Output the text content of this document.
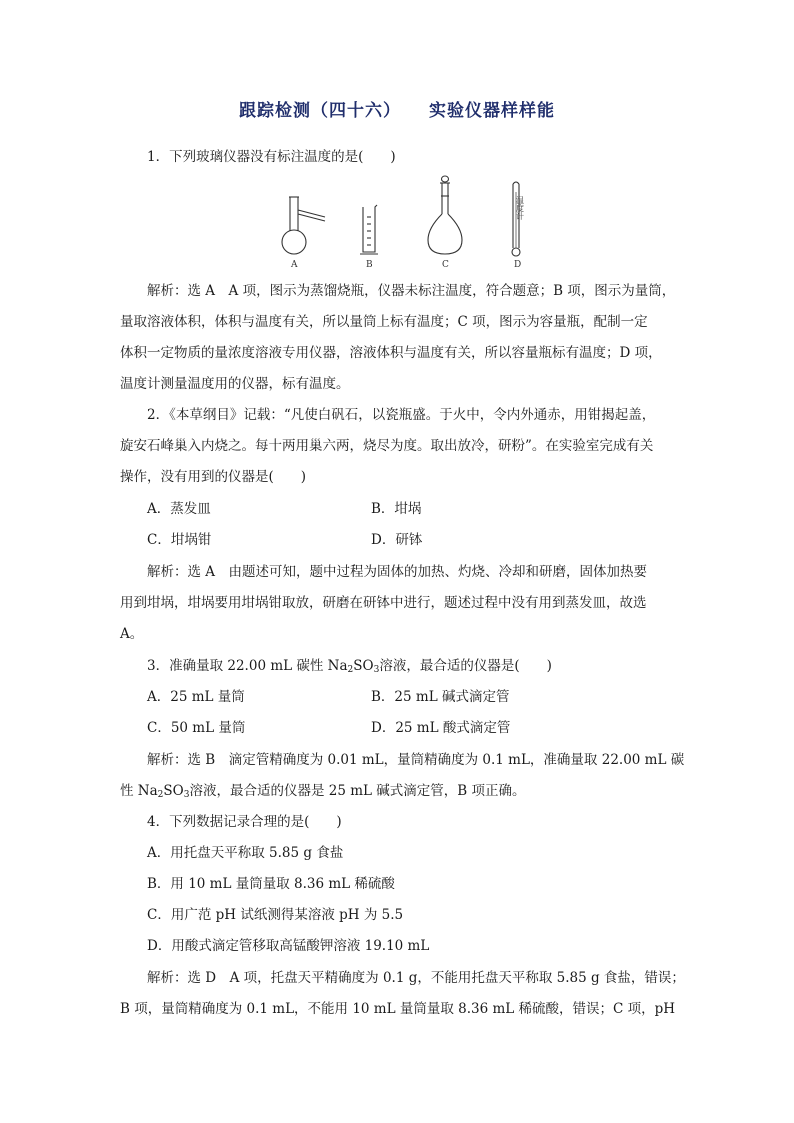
跟踪检测（四十六） 实验仪器样样能
1．下列玻璃仪器没有标注温度的是(　　)
温度计
A	B	C	D
解析：选 A　A 项，图示为蒸馏烧瓶，仪器未标注温度，符合题意；B 项，图示为量筒，
量取溶液体积，体积与温度有关，所以量筒上标有温度；C 项，图示为容量瓶，配制一定
体积一定物质的量浓度溶液专用仪器，溶液体积与温度有关，所以容量瓶标有温度；D 项，
温度计测量温度用的仪器，标有温度。
2．《本草纲目》记载：“凡使白矾石，以瓷瓶盛。于火中，令内外通赤，用钳揭起盖，
旋安石峰巢入内烧之。每十两用巢六两，烧尽为度。取出放冷，研粉”。在实验室完成有关
操作，没有用到的仪器是(　　)
A．蒸发皿	B．坩埚
C．坩埚钳	D．研钵
解析：选 A　由题述可知，题中过程为固体的加热、灼烧、冷却和研磨，固体加热要
用到坩埚，坩埚要用坩埚钳取放，研磨在研钵中进行，题述过程中没有用到蒸发皿，故选
A。
3．准确量取 22.00 mL 碳性 $Na_2SO_3$溶液，最合适的仪器是(　　)
A．25 mL 量筒	B．25 mL 碱式滴定管
C．50 mL 量筒	D．25 mL 酸式滴定管
解析：选 B　滴定管精确度为 0.01 mL，量筒精确度为 0.1 mL，准确量取 22.00 mL 碳
性 $Na_2SO_3$溶液，最合适的仪器是 25 mL 碱式滴定管，B 项正确。
4．下列数据记录合理的是(　　)
A．用托盘天平称取 5.85 g 食盐
B．用 10 mL 量筒量取 8.36 mL 稀硫酸
C．用广范 pH 试纸测得某溶液 pH 为 5.5
D．用酸式滴定管移取高锰酸钾溶液 19.10 mL
解析：选 D　A 项，托盘天平精确度为 0.1 g，不能用托盘天平称取 5.85 g 食盐，错误；
B 项，量筒精确度为 0.1 mL，不能用 10 mL 量筒量取 8.36 mL 稀硫酸，错误；C 项，pH
